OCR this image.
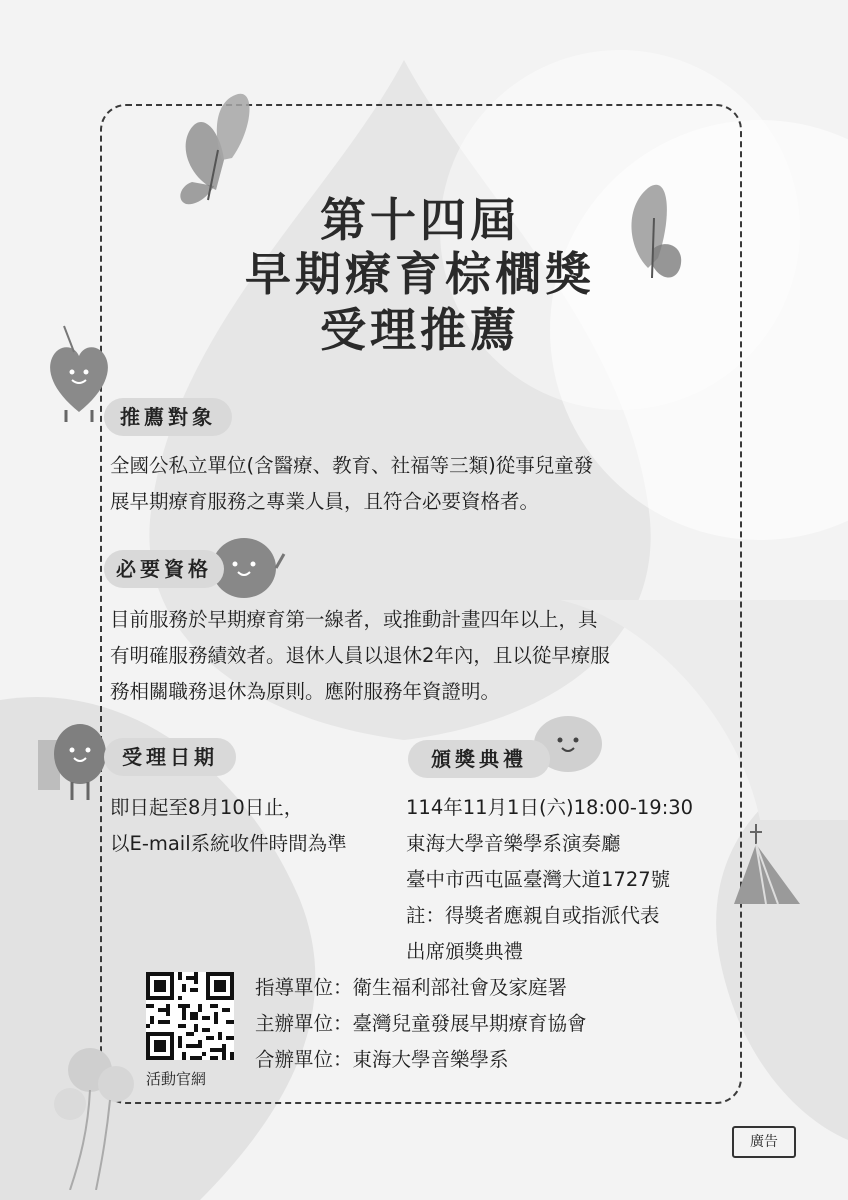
第十四屆
早期療育棕櫚獎
受理推薦
推薦對象
全國公私立單位(含醫療、教育、社福等三類)從事兒童發
展早期療育服務之專業人員，且符合必要資格者。
必要資格
目前服務於早期療育第一線者，或推動計畫四年以上，具
有明確服務績效者。退休人員以退休2年內，且以從早療服
務相關職務退休為原則。應附服務年資證明。
受理日期
即日起至8月10日止，
以E-mail系統收件時間為準
頒獎典禮
114年11月1日(六)18:00-19:30
東海大學音樂學系演奏廳
臺中市西屯區臺灣大道1727號
註：得獎者應親自或指派代表
出席頒獎典禮
活動官網
指導單位：衛生福利部社會及家庭署
主辦單位：臺灣兒童發展早期療育協會
合辦單位：東海大學音樂學系
廣告
